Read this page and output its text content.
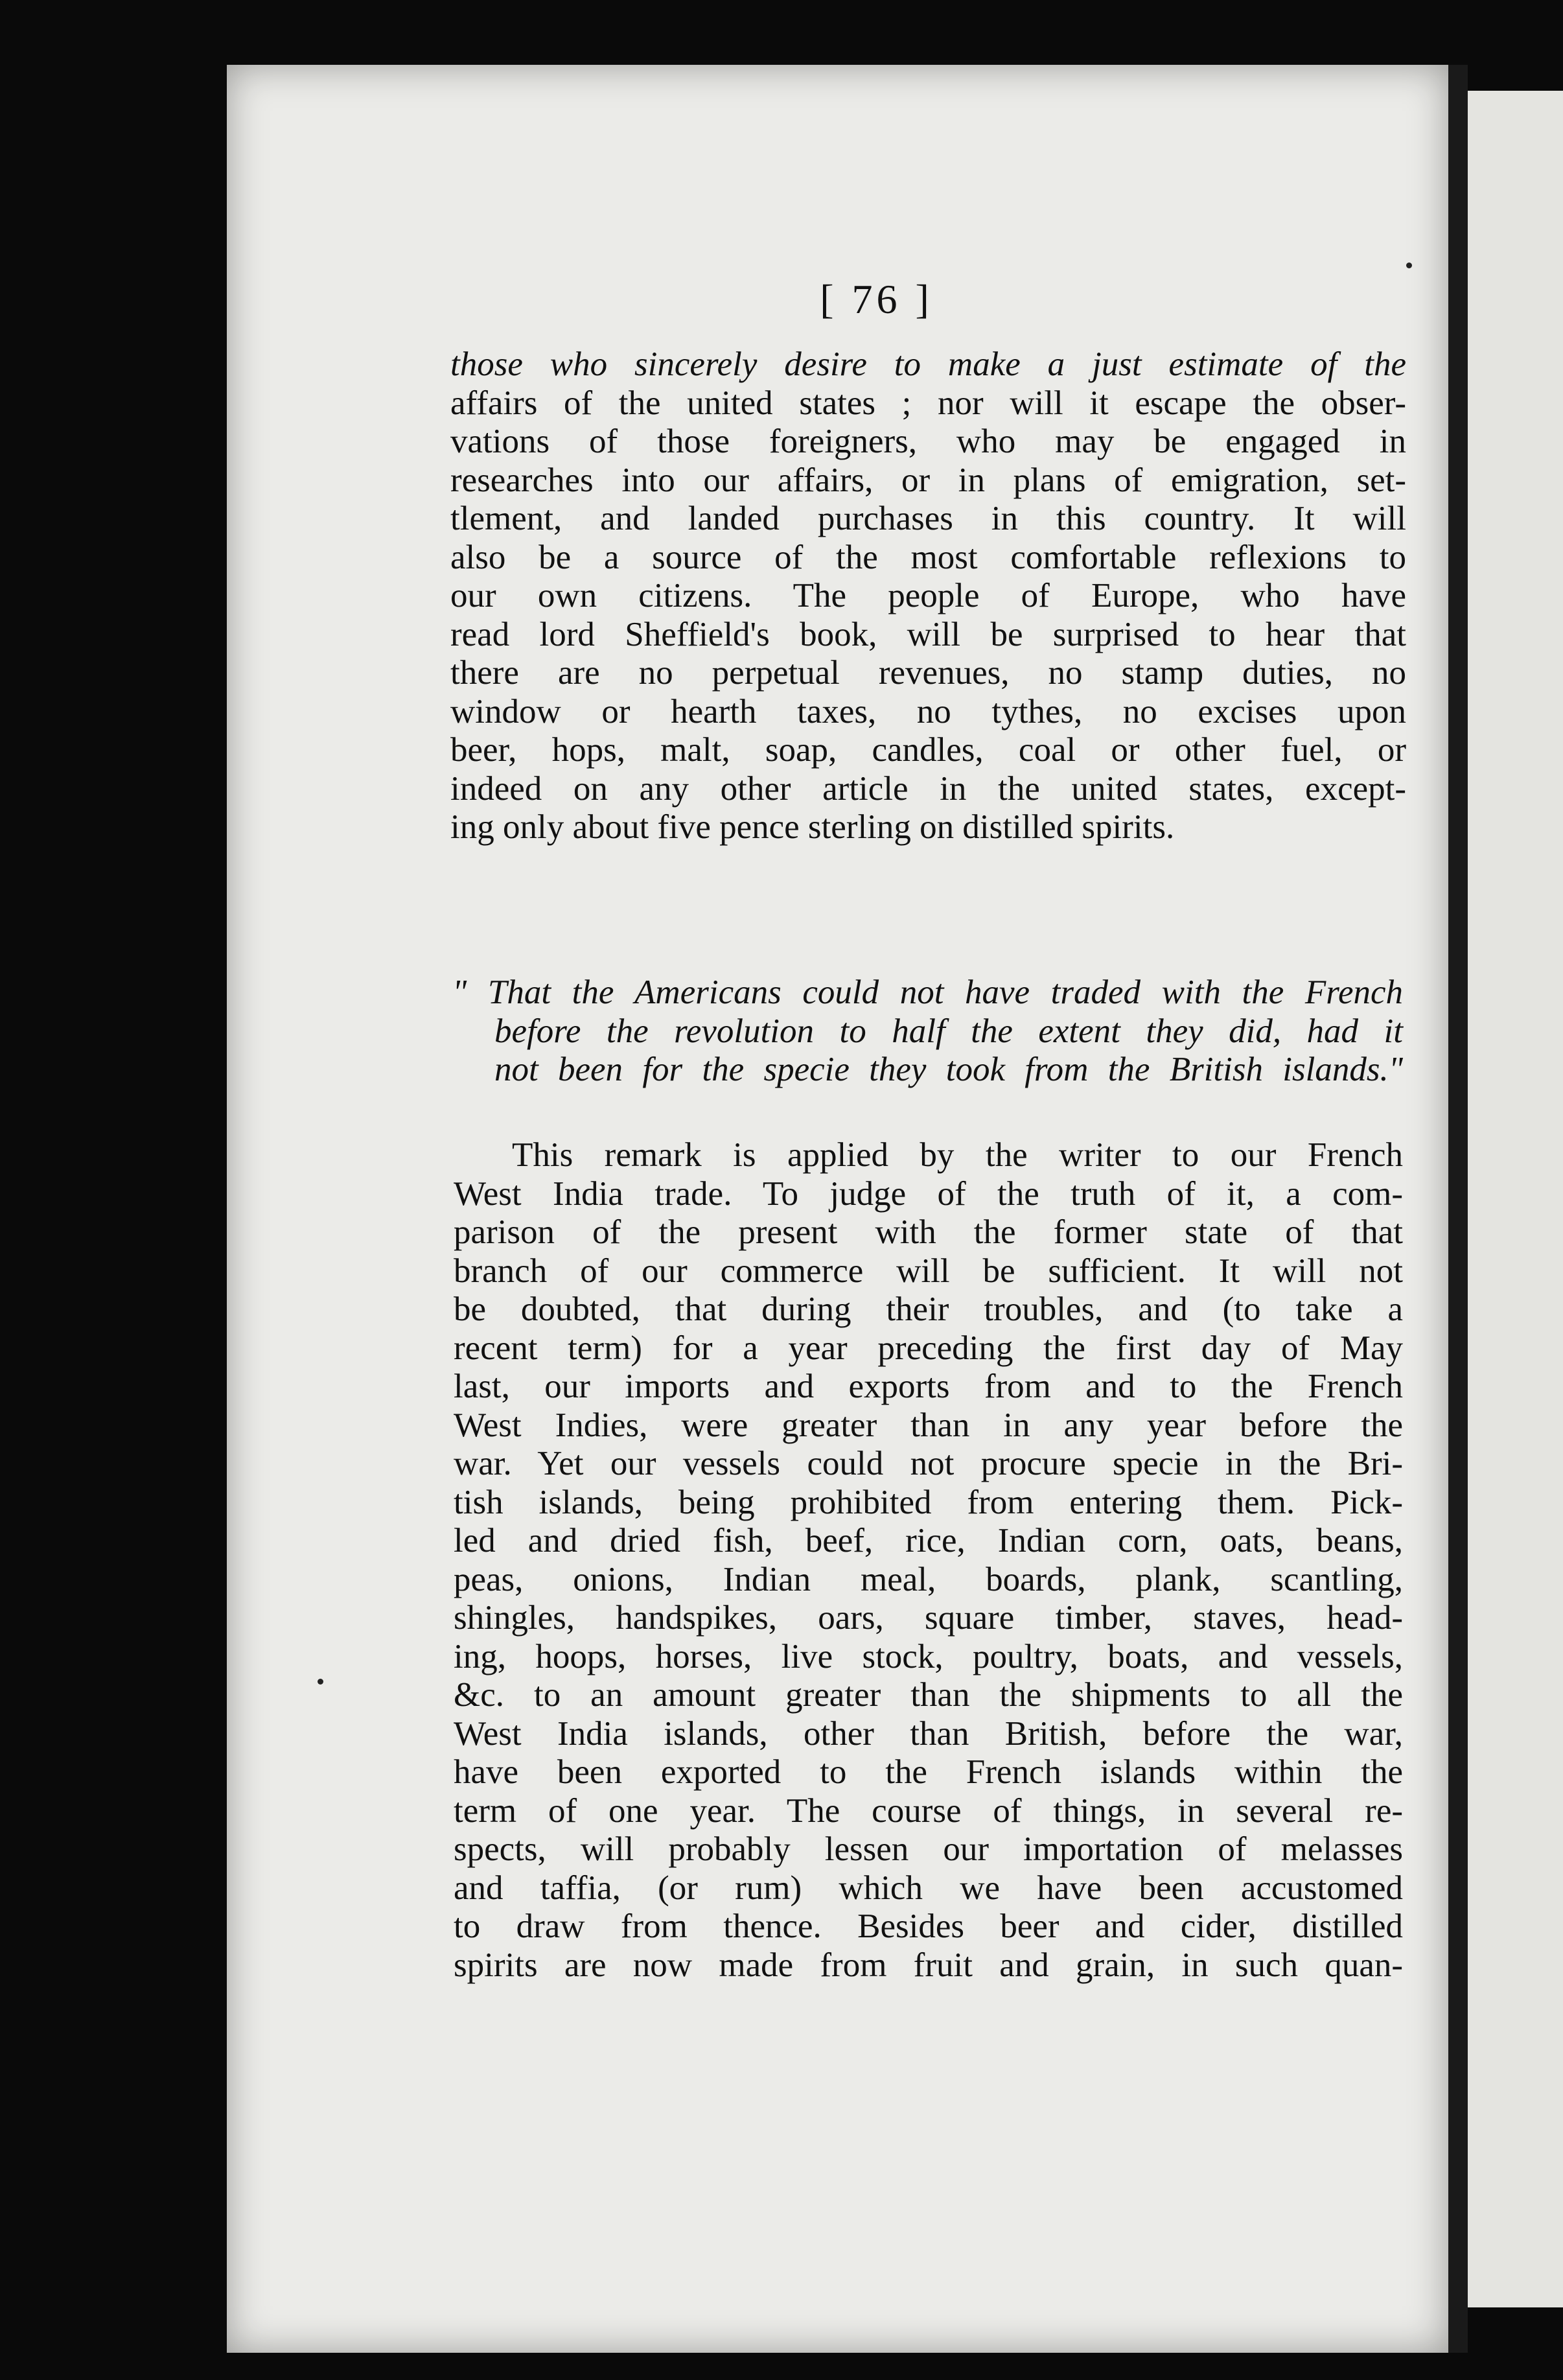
[ 76 ]
those who sincerely desire to make a just estimate of the
affairs of the united states ; nor will it escape the obser-
vations of those foreigners, who may be engaged in
researches into our affairs, or in plans of emigration, set-
tlement, and landed purchases in this country. It will
also be a source of the most comfortable reflexions to
our own citizens. The people of Europe, who have
read lord Sheffield's book, will be surprised to hear that
there are no perpetual revenues, no stamp duties, no
window or hearth taxes, no tythes, no excises upon
beer, hops, malt, soap, candles, coal or other fuel, or
indeed on any other article in the united states, except-
ing only about five pence sterling on distilled spirits.
" That the Americans could not have traded with the French
before the revolution to half the extent they did, had it
not been for the specie they took from the British islands."
This remark is applied by the writer to our French
West India trade. To judge of the truth of it, a com-
parison of the present with the former state of that
branch of our commerce will be sufficient. It will not
be doubted, that during their troubles, and (to take a
recent term) for a year preceding the first day of May
last, our imports and exports from and to the French
West Indies, were greater than in any year before the
war. Yet our vessels could not procure specie in the Bri-
tish islands, being prohibited from entering them. Pick-
led and dried fish, beef, rice, Indian corn, oats, beans,
peas, onions, Indian meal, boards, plank, scantling,
shingles, handspikes, oars, square timber, staves, head-
ing, hoops, horses, live stock, poultry, boats, and vessels,
&c. to an amount greater than the shipments to all the
West India islands, other than British, before the war,
have been exported to the French islands within the
term of one year. The course of things, in several re-
spects, will probably lessen our importation of melasses
and taffia, (or rum) which we have been accustomed
to draw from thence. Besides beer and cider, distilled
spirits are now made from fruit and grain, in such quan-
